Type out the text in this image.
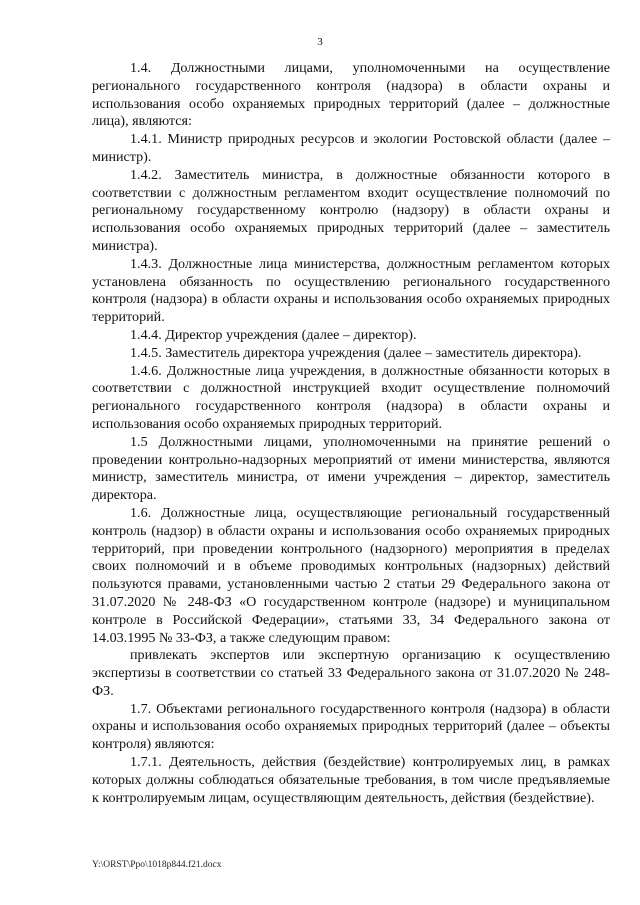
3

1.4. Должностными лицами, уполномоченными на осуществление регионального государственного контроля (надзора) в области охраны и использования особо охраняемых природных территорий (далее – должностные лица), являются:

1.4.1. Министр природных ресурсов и экологии Ростовской области (далее – министр).

1.4.2. Заместитель министра, в должностные обязанности которого в соответствии с должностным регламентом входит осуществление полномочий по региональному государственному контролю (надзору) в области охраны и использования особо охраняемых природных территорий (далее – заместитель министра).

1.4.3. Должностные лица министерства, должностным регламентом которых установлена обязанность по осуществлению регионального государственного контроля (надзора) в области охраны и использования особо охраняемых природных территорий.

1.4.4. Директор учреждения (далее – директор).

1.4.5. Заместитель директора учреждения (далее – заместитель директора).

1.4.6. Должностные лица учреждения, в должностные обязанности которых в соответствии с должностной инструкцией входит осуществление полномочий регионального государственного контроля (надзора) в области охраны и использования особо охраняемых природных территорий.

1.5 Должностными лицами, уполномоченными на принятие решений о проведении контрольно-надзорных мероприятий от имени министерства, являются министр, заместитель министра, от имени учреждения – директор, заместитель директора.

1.6. Должностные лица, осуществляющие региональный государственный контроль (надзор) в области охраны и использования особо охраняемых природных территорий, при проведении контрольного (надзорного) мероприятия в пределах своих полномочий и в объеме проводимых контрольных (надзорных) действий пользуются правами, установленными частью 2 статьи 29 Федерального закона от 31.07.2020 № 248-ФЗ «О государственном контроле (надзоре) и муниципальном контроле в Российской Федерации», статьями 33, 34 Федерального закона от 14.03.1995 № 33-ФЗ, а также следующим правом:

привлекать экспертов или экспертную организацию к осуществлению экспертизы в соответствии со статьей 33 Федерального закона от 31.07.2020 № 248-ФЗ.

1.7. Объектами регионального государственного контроля (надзора) в области охраны и использования особо охраняемых природных территорий (далее – объекты контроля) являются:

1.7.1. Деятельность, действия (бездействие) контролируемых лиц, в рамках которых должны соблюдаться обязательные требования, в том числе предъявляемые к контролируемым лицам, осуществляющим деятельность, действия (бездействие).

Y:\ORST\Ppo\1018p844.f21.docx
